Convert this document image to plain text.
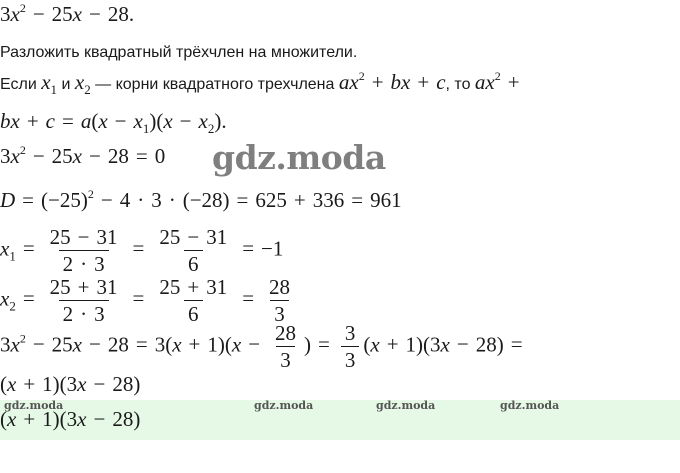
$3x^2 - 25x - 28$.
Разложить квадратный трёхчлен на множители.
Если $x_1$ и $x_2$ — корни квадратного трехчлена $ax^2$ + bx + c, то $ax^2$ +
bx + $c = a(x - x_1)(x - x_2)$.
$3x^2 - 25x - 28 = 0$
$D = (-25)^2 - 4 \cdot 3 \cdot (-28) = 625 + 336 = 961$
$x_1 = \frac{25 - 31}{2 \cdot 3} = \frac{25 - 31}{6} = -1$
$x_2 = \frac{25 + 31}{2 \cdot 3} = \frac{25 + 31}{6} = \frac{28}{3}$
$3x^2 - 25x - 28 = 3(x + 1)(x - \frac{28}{3}$ ) = $\frac{3}{3} (x + 1)(3x - 28)$ =
(x + 1)(3x − 28)
(x + 1)(3x − 28)
gdz.moda
gdz.moda	gdz.moda	gdz.moda	gdz.moda
